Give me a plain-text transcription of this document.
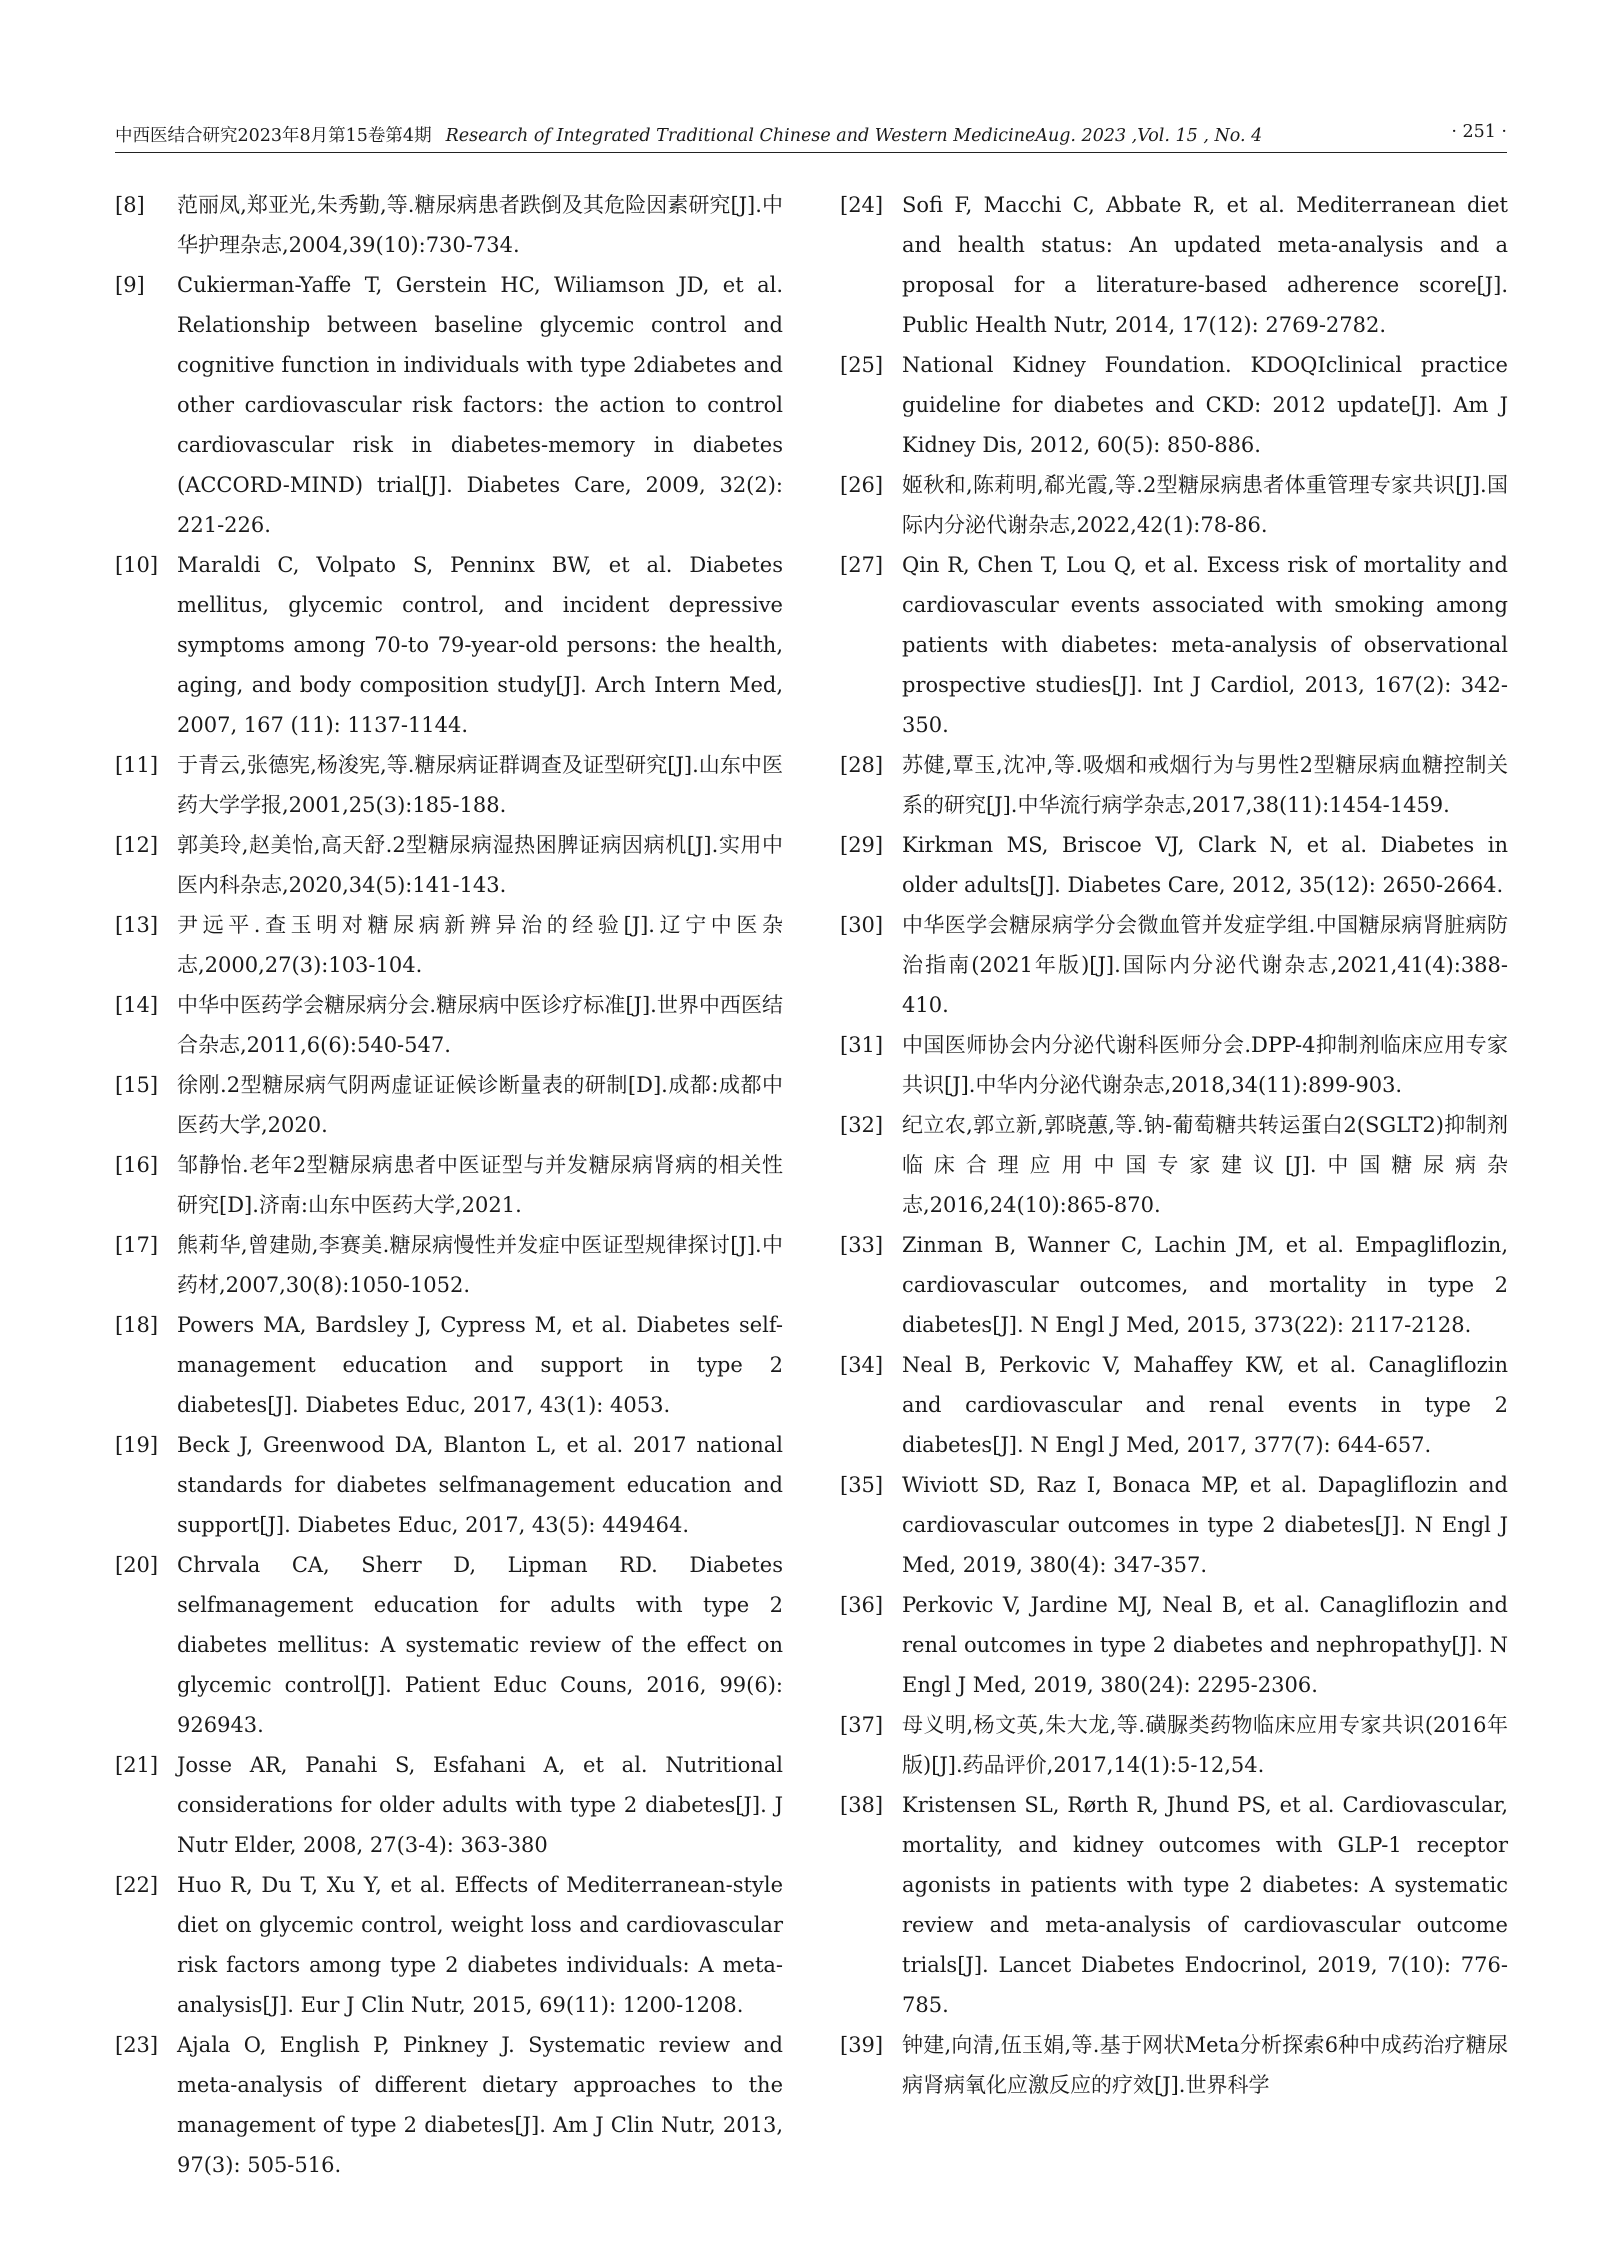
中西医结合研究2023年8月第15卷第4期 Research of Integrated Traditional Chinese and Western MedicineAug. 2023 ,Vol. 15 , No. 4	· 251 ·
[8] 范丽凤,郑亚光,朱秀勤,等.糖尿病患者跌倒及其危险因素研究[J].中华护理杂志,2004,39(10):730-734.
[9] Cukierman-Yaffe T, Gerstein HC, Wiliamson JD, et al. Relationship between baseline glycemic control and cognitive function in individuals with type 2diabetes and other cardiovascular risk factors: the action to control cardiovascular risk in diabetes-memory in diabetes (ACCORD-MIND) trial[J]. Diabetes Care, 2009, 32(2): 221-226.
[10] Maraldi C, Volpato S, Penninx BW, et al. Diabetes mellitus, glycemic control, and incident depressive symptoms among 70-to 79-year-old persons: the health, aging, and body composition study[J]. Arch Intern Med, 2007, 167 (11): 1137-1144.
[11] 于青云,张德宪,杨浚宪,等.糖尿病证群调查及证型研究[J].山东中医药大学学报,2001,25(3):185-188.
[12] 郭美玲,赵美怡,高天舒.2型糖尿病湿热困脾证病因病机[J].实用中医内科杂志,2020,34(5):141-143.
[13] 尹远平.查玉明对糖尿病新辨异治的经验[J].辽宁中医杂志,2000,27(3):103-104.
[14] 中华中医药学会糖尿病分会.糖尿病中医诊疗标准[J].世界中西医结合杂志,2011,6(6):540-547.
[15] 徐刚.2型糖尿病气阴两虚证证候诊断量表的研制[D].成都:成都中医药大学,2020.
[16] 邹静怡.老年2型糖尿病患者中医证型与并发糖尿病肾病的相关性研究[D].济南:山东中医药大学,2021.
[17] 熊莉华,曾建勋,李赛美.糖尿病慢性并发症中医证型规律探讨[J].中药材,2007,30(8):1050-1052.
[18] Powers MA, Bardsley J, Cypress M, et al. Diabetes self-management education and support in type 2 diabetes[J]. Diabetes Educ, 2017, 43(1): 4053.
[19] Beck J, Greenwood DA, Blanton L, et al. 2017 national standards for diabetes selfmanagement education and support[J]. Diabetes Educ, 2017, 43(5): 449464.
[20] Chrvala CA, Sherr D, Lipman RD. Diabetes selfmanagement education for adults with type 2 diabetes mellitus: A systematic review of the effect on glycemic control[J]. Patient Educ Couns, 2016, 99(6): 926943.
[21] Josse AR, Panahi S, Esfahani A, et al. Nutritional considerations for older adults with type 2 diabetes[J]. J Nutr Elder, 2008, 27(3-4): 363-380
[22] Huo R, Du T, Xu Y, et al. Effects of Mediterranean-style diet on glycemic control, weight loss and cardiovascular risk factors among type 2 diabetes individuals: A meta-analysis[J]. Eur J Clin Nutr, 2015, 69(11): 1200-1208.
[23] Ajala O, English P, Pinkney J. Systematic review and meta-analysis of different dietary approaches to the management of type 2 diabetes[J]. Am J Clin Nutr, 2013, 97(3): 505-516.
[24] Sofi F, Macchi C, Abbate R, et al. Mediterranean diet and health status: An updated meta-analysis and a proposal for a literature-based adherence score[J]. Public Health Nutr, 2014, 17(12): 2769-2782.
[25] National Kidney Foundation. KDOQIclinical practice guideline for diabetes and CKD: 2012 update[J]. Am J Kidney Dis, 2012, 60(5): 850-886.
[26] 姬秋和,陈莉明,郗光霞,等.2型糖尿病患者体重管理专家共识[J].国际内分泌代谢杂志,2022,42(1):78-86.
[27] Qin R, Chen T, Lou Q, et al. Excess risk of mortality and cardiovascular events associated with smoking among patients with diabetes: meta-analysis of observational prospective studies[J]. Int J Cardiol, 2013, 167(2): 342-350.
[28] 苏健,覃玉,沈冲,等.吸烟和戒烟行为与男性2型糖尿病血糖控制关系的研究[J].中华流行病学杂志,2017,38(11):1454-1459.
[29] Kirkman MS, Briscoe VJ, Clark N, et al. Diabetes in older adults[J]. Diabetes Care, 2012, 35(12): 2650-2664.
[30] 中华医学会糖尿病学分会微血管并发症学组.中国糖尿病肾脏病防治指南(2021年版)[J].国际内分泌代谢杂志,2021,41(4):388-410.
[31] 中国医师协会内分泌代谢科医师分会.DPP-4抑制剂临床应用专家共识[J].中华内分泌代谢杂志,2018,34(11):899-903.
[32] 纪立农,郭立新,郭晓蕙,等.钠-葡萄糖共转运蛋白2(SGLT2)抑制剂临床合理应用中国专家建议[J].中国糖尿病杂志,2016,24(10):865-870.
[33] Zinman B, Wanner C, Lachin JM, et al. Empagliflozin, cardiovascular outcomes, and mortality in type 2 diabetes[J]. N Engl J Med, 2015, 373(22): 2117-2128.
[34] Neal B, Perkovic V, Mahaffey KW, et al. Canagliflozin and cardiovascular and renal events in type 2 diabetes[J]. N Engl J Med, 2017, 377(7): 644-657.
[35] Wiviott SD, Raz I, Bonaca MP, et al. Dapagliflozin and cardiovascular outcomes in type 2 diabetes[J]. N Engl J Med, 2019, 380(4): 347-357.
[36] Perkovic V, Jardine MJ, Neal B, et al. Canagliflozin and renal outcomes in type 2 diabetes and nephropathy[J]. N Engl J Med, 2019, 380(24): 2295-2306.
[37] 母义明,杨文英,朱大龙,等.磺脲类药物临床应用专家共识(2016年版)[J].药品评价,2017,14(1):5-12,54.
[38] Kristensen SL, Rørth R, Jhund PS, et al. Cardiovascular, mortality, and kidney outcomes with GLP-1 receptor agonists in patients with type 2 diabetes: A systematic review and meta-analysis of cardiovascular outcome trials[J]. Lancet Diabetes Endocrinol, 2019, 7(10): 776-785.
[39] 钟建,向清,伍玉娟,等.基于网状Meta分析探索6种中成药治疗糖尿病肾病氧化应激反应的疗效[J].世界科学
